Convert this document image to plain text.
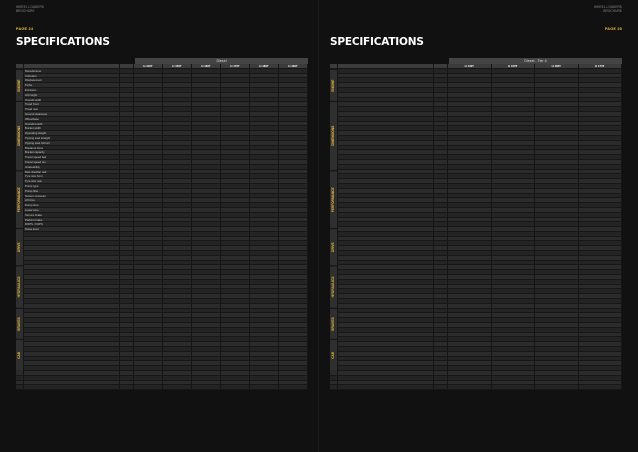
WHEEL LOADERS
BROCHURE
PAGE 24
SPECIFICATIONS
Diesel
H 140T	H 150T	H 160T	H 170T	H 180T	H 190T
Manufacturer
Cylinders
Displacement
Turbo
Emission
Lift height
Overall width
Tread front
Tread rear
Ground clearance
Wheelbase
Overall length
Bucket width
Operating weight
Tipping load straight
Tipping load full turn
Breakout force
Bucket capacity
Travel speed fwd
Travel speed rev
Gradeability
Max drawbar pull
Tyre size front
Tyre size rear
Pump type
Pump flow
System pressure
Lift time
Dump time
Lower time
Service brake
Parking brake
ROPS / FOPS
Noise level
ENGINE
DIMENSIONS
PERFORMANCE
DRIVE
HYDRAULICS
BRAKES
CAB
WHEEL LOADERS
BROCHURE
PAGE 25
SPECIFICATIONS
Diesel - Tier 4
H 140T	H 150T	H 160T	H 170T
ENGINE
DIMENSIONS
PERFORMANCE
DRIVE
HYDRAULICS
BRAKES
CAB
